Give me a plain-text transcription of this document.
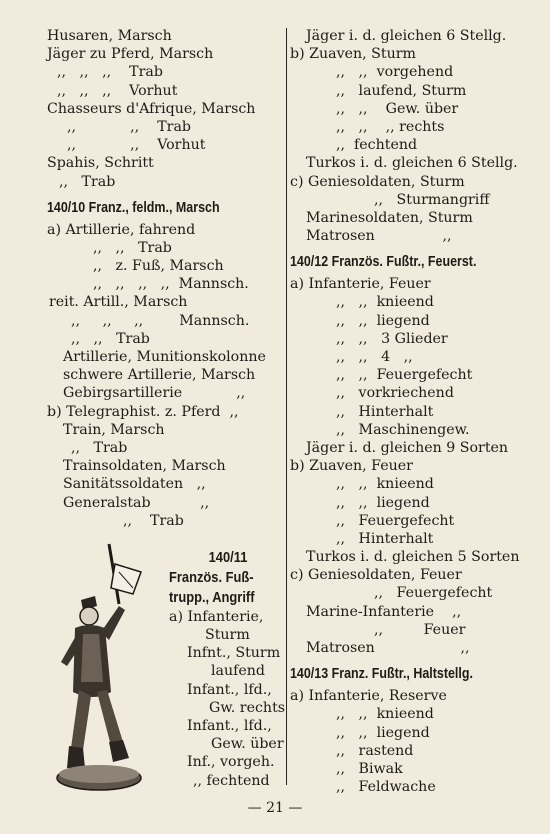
Husaren, Marsch
Jäger zu Pferd, Marsch
,,   ,,   ,,    Trab
,,   ,,   ,,    Vorhut
Chasseurs d'Afrique, Marsch
,,            ,,    Trab
,,            ,,    Vorhut
Spahis, Schritt
,,   Trab
140/10 Franz., feldm., Marsch
a) Artillerie, fahrend
,,   ,,   Trab
,,   z. Fuß, Marsch
,,   ,,   ,,   ,,  Mannsch.
reit. Artill., Marsch
,,     ,,     ,,        Mannsch.
,,   ,,   Trab
Artillerie, Munitionskolonne
schwere Artillerie, Marsch
Gebirgsartillerie            ,,
b) Telegraphist. z. Pferd  ,,
Train, Marsch
,,   Trab
Trainsoldaten, Marsch
Sanitätssoldaten   ,,
Generalstab           ,,
,,    Trab
140/11
Französ. Fuß-
trupp., Angriff
a) Infanterie,
Sturm
Infnt., Sturm
laufend
Infant., lfd.,
Gw. rechts
Infant., lfd.,
Gew. über
Inf., vorgeh.
,, fechtend
Jäger i. d. gleichen 6 Stellg.
b) Zuaven, Sturm
,,   ,,  vorgehend
,,   laufend, Sturm
,,   ,,    Gew. über
,,   ,,    ,, rechts
,,  fechtend
Turkos i. d. gleichen 6 Stellg.
c) Geniesoldaten, Sturm
,,   Sturmangriff
Marinesoldaten, Sturm
Matrosen               ,,
140/12 Französ. Fußtr., Feuerst.
a) Infanterie, Feuer
,,   ,,  knieend
,,   ,,  liegend
,,   ,,   3 Glieder
,,   ,,   4   ,,
,,   ,,  Feuergefecht
,,   vorkriechend
,,   Hinterhalt
,,   Maschinengew.
Jäger i. d. gleichen 9 Sorten
b) Zuaven, Feuer
,,   ,,  knieend
,,   ,,  liegend
,,   Feuergefecht
,,   Hinterhalt
Turkos i. d. gleichen 5 Sorten
c) Geniesoldaten, Feuer
,,   Feuergefecht
Marine-Infanterie    ,,
,,         Feuer
Matrosen                   ,,
140/13 Franz. Fußtr., Haltstellg.
a) Infanterie, Reserve
,,   ,,  knieend
,,   ,,  liegend
,,   rastend
,,   Biwak
,,   Feldwache
— 21 —
